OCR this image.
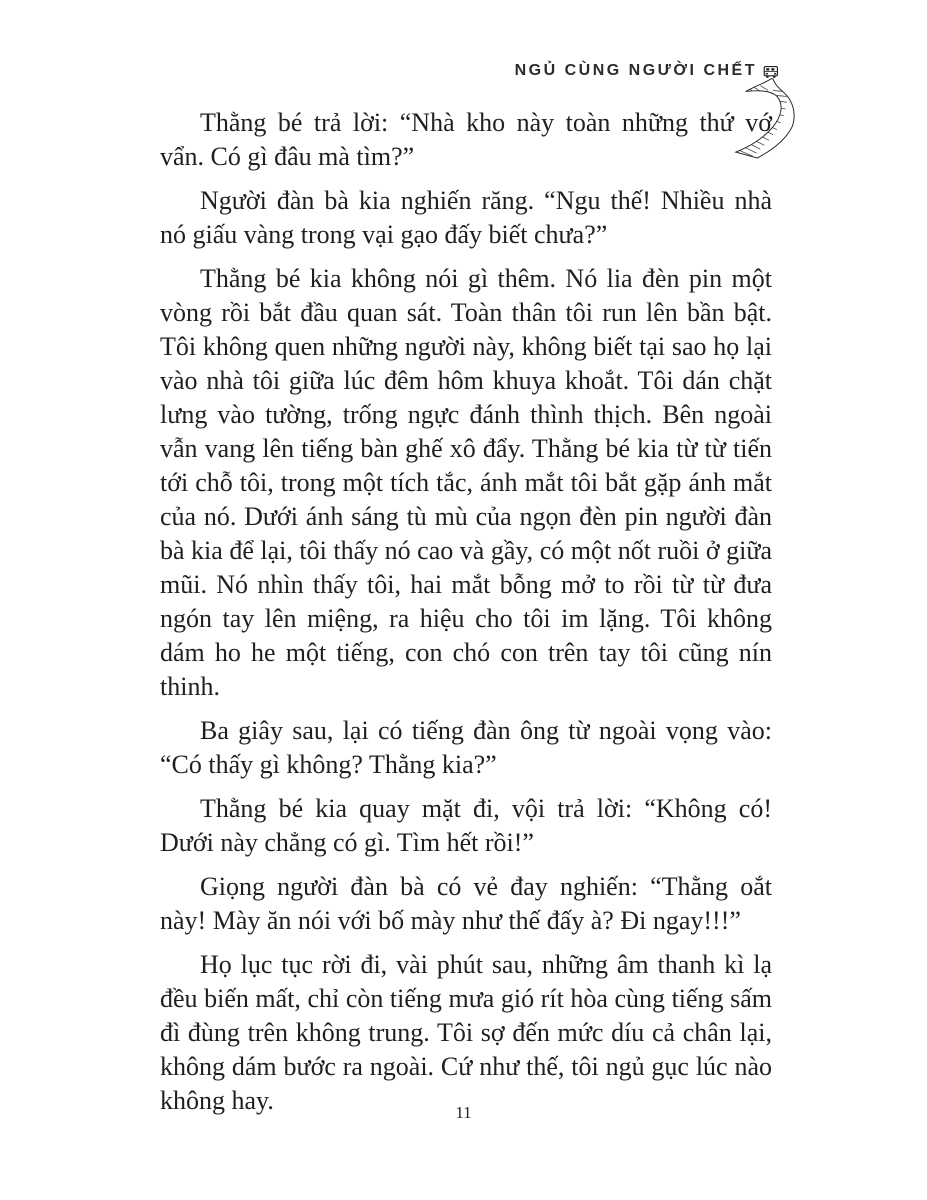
NGỦ CÙNG NGƯỜI CHẾT

Thằng bé trả lời: “Nhà kho này toàn những thứ vớ vẩn. Có gì đâu mà tìm?”

Người đàn bà kia nghiến răng. “Ngu thế! Nhiều nhà nó giấu vàng trong vại gạo đấy biết chưa?”

Thằng bé kia không nói gì thêm. Nó lia đèn pin một vòng rồi bắt đầu quan sát. Toàn thân tôi run lên bần bật. Tôi không quen những người này, không biết tại sao họ lại vào nhà tôi giữa lúc đêm hôm khuya khoắt. Tôi dán chặt lưng vào tường, trống ngực đánh thình thịch. Bên ngoài vẫn vang lên tiếng bàn ghế xô đẩy. Thằng bé kia từ từ tiến tới chỗ tôi, trong một tích tắc, ánh mắt tôi bắt gặp ánh mắt của nó. Dưới ánh sáng tù mù của ngọn đèn pin người đàn bà kia để lại, tôi thấy nó cao và gầy, có một nốt ruồi ở giữa mũi. Nó nhìn thấy tôi, hai mắt bỗng mở to rồi từ từ đưa ngón tay lên miệng, ra hiệu cho tôi im lặng. Tôi không dám ho he một tiếng, con chó con trên tay tôi cũng nín thinh.

Ba giây sau, lại có tiếng đàn ông từ ngoài vọng vào: “Có thấy gì không? Thằng kia?”

Thằng bé kia quay mặt đi, vội trả lời: “Không có! Dưới này chẳng có gì. Tìm hết rồi!”

Giọng người đàn bà có vẻ đay nghiến: “Thằng oắt này! Mày ăn nói với bố mày như thế đấy à? Đi ngay!!!”

Họ lục tục rời đi, vài phút sau, những âm thanh kì lạ đều biến mất, chỉ còn tiếng mưa gió rít hòa cùng tiếng sấm đì đùng trên không trung. Tôi sợ đến mức díu cả chân lại, không dám bước ra ngoài. Cứ như thế, tôi ngủ gục lúc nào không hay.	11
